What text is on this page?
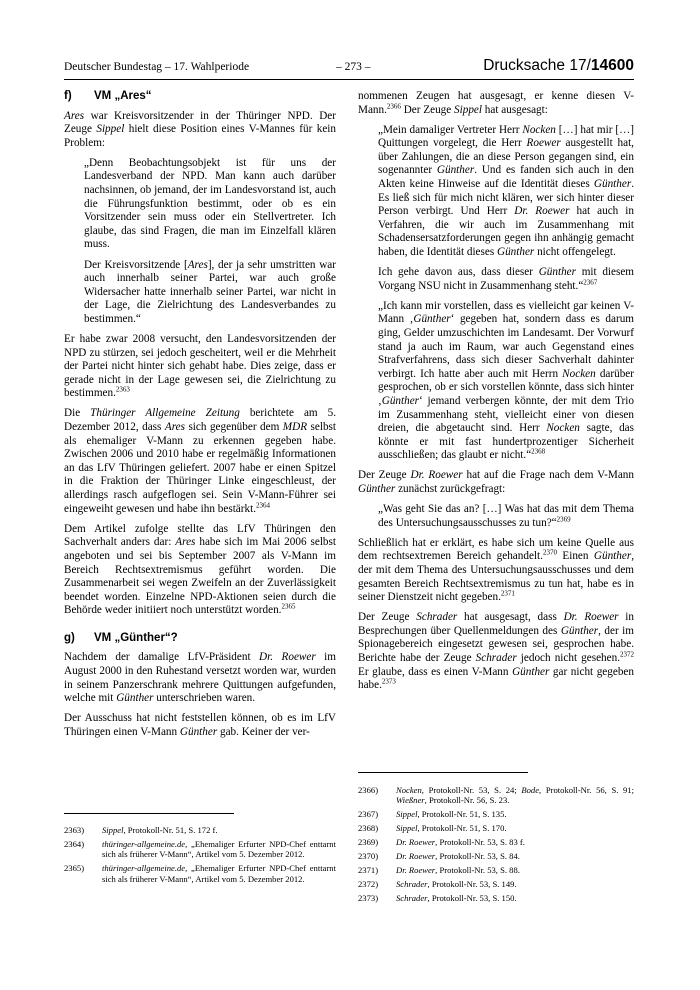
Deutscher Bundestag – 17. Wahlperiode	– 273 –	Drucksache 17/14600
f) VM „Ares“

Ares war Kreisvorsitzender in der Thüringer NPD. Der Zeuge Sippel hielt diese Position eines V-Mannes für kein Problem:

„Denn Beobachtungsobjekt ist für uns der Landesverband der NPD. Man kann auch darüber nachsinnen, ob jemand, der im Landesvorstand ist, auch die Führungsfunktion bestimmt, oder ob es ein Vorsitzender sein muss oder ein Stellvertreter. Ich glaube, das sind Fragen, die man im Einzelfall klären muss.

Der Kreisvorsitzende [Ares], der ja sehr umstritten war auch innerhalb seiner Partei, war auch große Widersacher hatte innerhalb seiner Partei, war nicht in der Lage, die Zielrichtung des Landesverbandes zu bestimmen.“

Er habe zwar 2008 versucht, den Landesvorsitzenden der NPD zu stürzen, sei jedoch gescheitert, weil er die Mehrheit der Partei nicht hinter sich gehabt habe. Dies zeige, dass er gerade nicht in der Lage gewesen sei, die Zielrichtung zu bestimmen.$^{2363}$

Die Thüringer Allgemeine Zeitung berichtete am 5. Dezember 2012, dass Ares sich gegenüber dem MDR selbst als ehemaliger V-Mann zu erkennen gegeben habe. Zwischen 2006 und 2010 habe er regelmäßig Informationen an das LfV Thüringen geliefert. 2007 habe er einen Spitzel in die Fraktion der Thüringer Linke eingeschleust, der allerdings rasch aufgeflogen sei. Sein V-Mann-Führer sei eingeweiht gewesen und habe ihn bestärkt.$^{2364}$

Dem Artikel zufolge stellte das LfV Thüringen den Sachverhalt anders dar: Ares habe sich im Mai 2006 selbst angeboten und sei bis September 2007 als V-Mann im Bereich Rechtsextremismus geführt worden. Die Zusammenarbeit sei wegen Zweifeln an der Zuverlässigkeit beendet worden. Einzelne NPD-Aktionen seien durch die Behörde weder initiiert noch unterstützt worden.$^{2365}$

g) VM „Günther“?

Nachdem der damalige LfV-Präsident Dr. Roewer im August 2000 in den Ruhestand versetzt worden war, wurden in seinem Panzerschrank mehrere Quittungen aufgefunden, welche mit Günther unterschrieben waren.

Der Ausschuss hat nicht feststellen können, ob es im LfV Thüringen einen V-Mann Günther gab. Keiner der ver-

2363)	Sippel, Protokoll-Nr. 51, S. 172 f.
2364)	thüringer-allgemeine.de, „Ehemaliger Erfurter NPD-Chef enttarnt sich als früherer V-Mann“, Artikel vom 5. Dezember 2012.
2365)	thüringer-allgemeine.de, „Ehemaliger Erfurter NPD-Chef enttarnt sich als früherer V-Mann“, Artikel vom 5. Dezember 2012.

nommenen Zeugen hat ausgesagt, er kenne diesen V-Mann.$^{2366}$ Der Zeuge Sippel hat ausgesagt:

„Mein damaliger Vertreter Herr Nocken […] hat mir […] Quittungen vorgelegt, die Herr Roewer ausgestellt hat, über Zahlungen, die an diese Person gegangen sind, ein sogenannter Günther. Und es fanden sich auch in den Akten keine Hinweise auf die Identität dieses Günther. Es ließ sich für mich nicht klären, wer sich hinter dieser Person verbirgt. Und Herr Dr. Roewer hat auch in Verfahren, die wir auch im Zusammenhang mit Schadensersatzforderungen gegen ihn anhängig gemacht haben, die Identität dieses Günther nicht offengelegt.

Ich gehe davon aus, dass dieser Günther mit diesem Vorgang NSU nicht in Zusammenhang steht.“$^{2367}$

„Ich kann mir vorstellen, dass es vielleicht gar keinen V-Mann ‚Günther‘ gegeben hat, sondern dass es darum ging, Gelder umzuschichten im Landesamt. Der Vorwurf stand ja auch im Raum, war auch Gegenstand eines Strafverfahrens, dass sich dieser Sachverhalt dahinter verbirgt. Ich hatte aber auch mit Herrn Nocken darüber gesprochen, ob er sich vorstellen könnte, dass sich hinter ‚Günther‘ jemand verbergen könnte, der mit dem Trio im Zusammenhang steht, vielleicht einer von diesen dreien, die abgetaucht sind. Herr Nocken sagte, das könnte er mit fast hundertprozentiger Sicherheit ausschließen; das glaubt er nicht.“$^{2368}$

Der Zeuge Dr. Roewer hat auf die Frage nach dem V-Mann Günther zunächst zurückgefragt:

„Was geht Sie das an? […] Was hat das mit dem Thema des Untersuchungsausschusses zu tun?“$^{2369}$

Schließlich hat er erklärt, es habe sich um keine Quelle aus dem rechtsextremen Bereich gehandelt.$^{2370}$ Einen Günther, der mit dem Thema des Untersuchungsausschusses und dem gesamten Bereich Rechtsextremismus zu tun hat, habe es in seiner Dienstzeit nicht gegeben.$^{2371}$

Der Zeuge Schrader hat ausgesagt, dass Dr. Roewer in Besprechungen über Quellenmeldungen des Günther, der im Spionagebereich eingesetzt gewesen sei, gesprochen habe. Berichte habe der Zeuge Schrader jedoch nicht gesehen.$^{2372}$ Er glaube, dass es einen V-Mann Günther gar nicht gegeben habe.$^{2373}$

2366)	Nocken, Protokoll-Nr. 53, S. 24; Bode, Protokoll-Nr. 56, S. 91; Wießner, Protokoll-Nr. 56, S. 23.
2367)	Sippel, Protokoll-Nr. 51, S. 135.
2368)	Sippel, Protokoll-Nr. 51, S. 170.
2369)	Dr. Roewer, Protokoll-Nr. 53, S. 83 f.
2370)	Dr. Roewer, Protokoll-Nr. 53, S. 84.
2371)	Dr. Roewer, Protokoll-Nr. 53, S. 88.
2372)	Schrader, Protokoll-Nr. 53, S. 149.
2373)	Schrader, Protokoll-Nr. 53, S. 150.
